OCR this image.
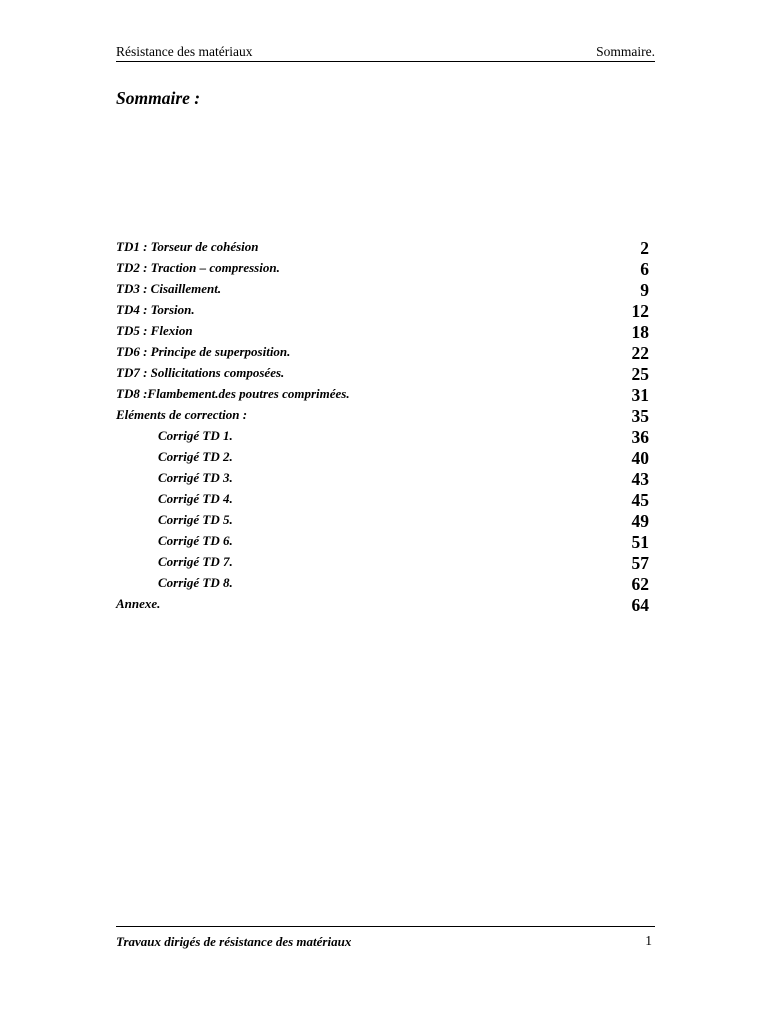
Résistance des matériaux	Sommaire.
Sommaire :
TD1 : Torseur de cohésion	2
TD2 : Traction – compression.	6
TD3 : Cisaillement.	9
TD4 : Torsion.	12
TD5 : Flexion	18
TD6 : Principe de superposition.	22
TD7 : Sollicitations composées.	25
TD8 :Flambement.des poutres comprimées.	31
Eléments de correction :	35
Corrigé TD 1.	36
Corrigé TD 2.	40
Corrigé TD 3.	43
Corrigé TD 4.	45
Corrigé TD 5.	49
Corrigé TD 6.	51
Corrigé TD 7.	57
Corrigé TD 8.	62
Annexe.	64
Travaux dirigés de résistance des matériaux	1
